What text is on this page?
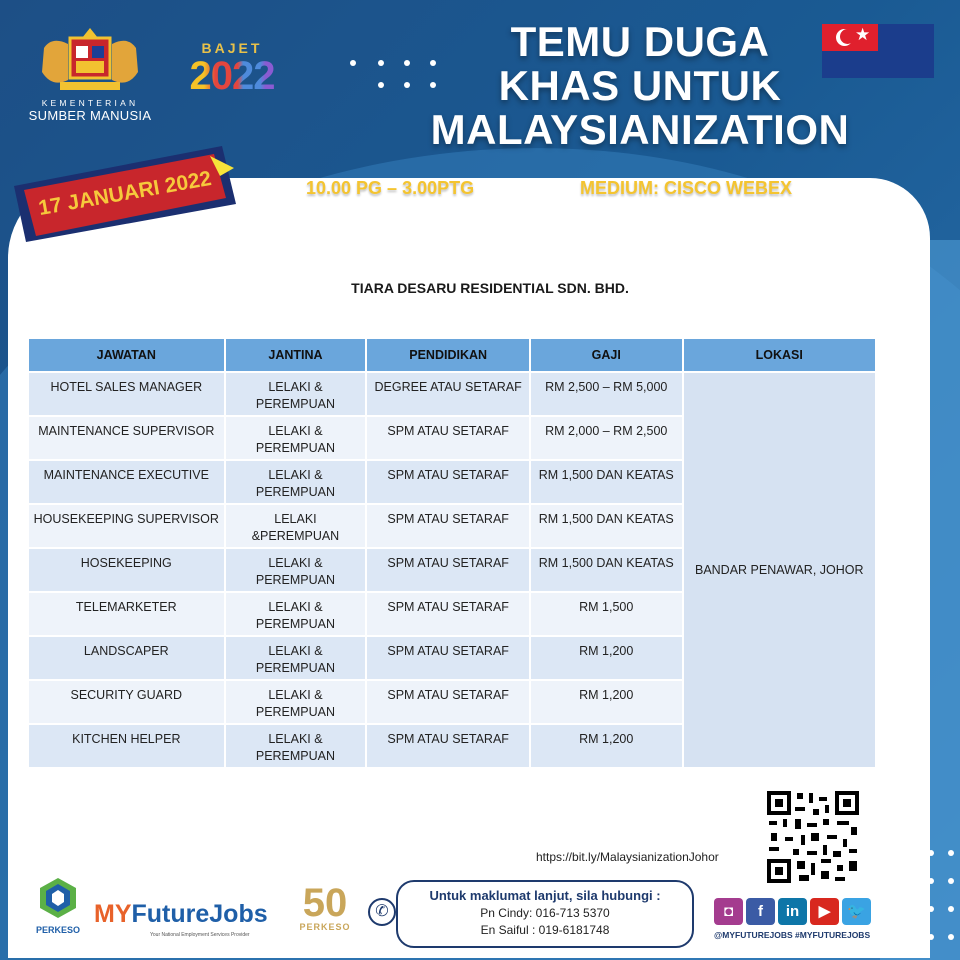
KEMENTERIAN
SUMBER MANUSIA
BAJET
2022
TEMU DUGA
KHAS UNTUK
MALAYSIANIZATION
★
17 JANUARI 2022	10.00 PG – 3.00PTG	MEDIUM: CISCO WEBEX
TIARA DESARU RESIDENTIAL SDN. BHD.
JAWATAN	JANTINA	PENDIDIKAN	GAJI	LOKASI
HOTEL SALES MANAGER	LELAKI &
PEREMPUAN	DEGREE ATAU SETARAF	RM 2,500 – RM 5,000	BANDAR PENAWAR, JOHOR
MAINTENANCE SUPERVISOR	LELAKI &
PEREMPUAN	SPM ATAU SETARAF	RM 2,000 – RM 2,500	
MAINTENANCE EXECUTIVE	LELAKI &
PEREMPUAN	SPM ATAU SETARAF	RM 1,500 DAN KEATAS	
HOUSEKEEPING SUPERVISOR	LELAKI
&PEREMPUAN	SPM ATAU SETARAF	RM 1,500 DAN KEATAS	
HOSEKEEPING	LELAKI &
PEREMPUAN	SPM ATAU SETARAF	RM 1,500 DAN KEATAS	
TELEMARKETER	LELAKI &
PEREMPUAN	SPM ATAU SETARAF	RM 1,500	
LANDSCAPER	LELAKI &
PEREMPUAN	SPM ATAU SETARAF	RM 1,200	
SECURITY GUARD	LELAKI &
PEREMPUAN	SPM ATAU SETARAF	RM 1,200	
KITCHEN HELPER	LELAKI &
PEREMPUAN	SPM ATAU SETARAF	RM 1,200	
https://bit.ly/MalaysianizationJohor
PERKESO
MYFutureJobs
Your National Employment Services Provider
50
PERKESO
✆
Untuk maklumat lanjut, sila hubungi :
Pn Cindy: 016-713 5370
En Saiful : 019-6181748
◘	f	in	▶	🐦
@MYFUTUREJOBS #MYFUTUREJOBS
